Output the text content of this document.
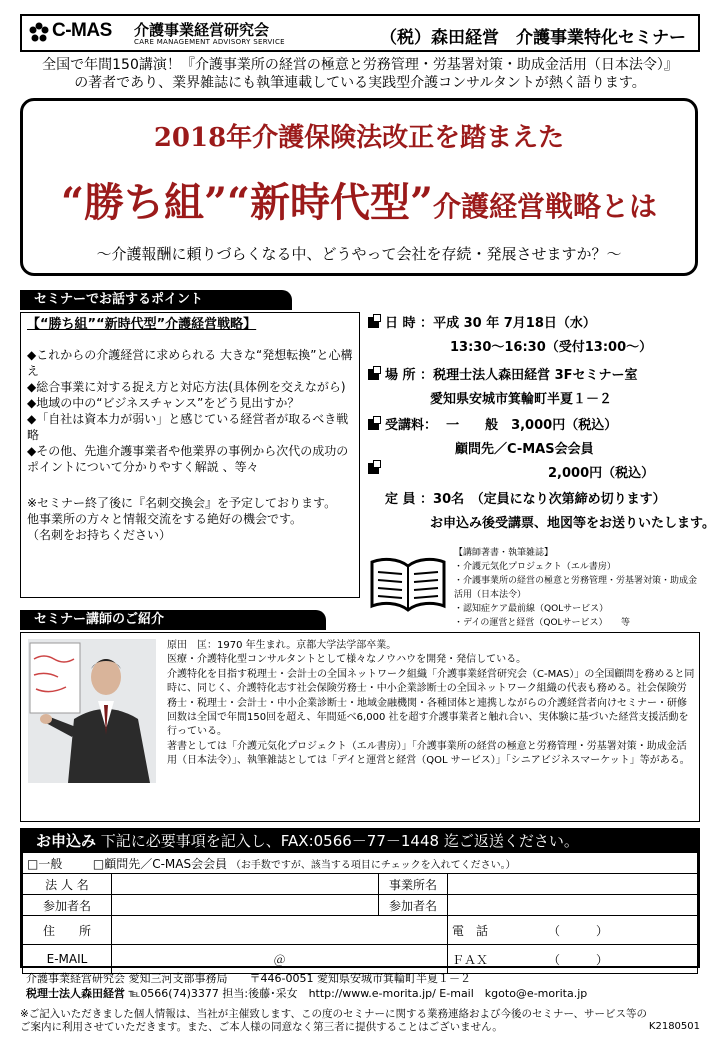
C-MAS 介護事業経営研究会
CARE MANAGEMENT ADVISORY SERVICE	（税）森田経営　介護事業特化セミナー
全国で年間150講演！『介護事業所の経営の極意と労務管理・労基署対策・助成金活用（日本法令）』
の著者であり、業界雑誌にも執筆連載している実践型介護コンサルタントが熱く語ります。
2018年介護保険法改正を踏まえた
“勝ち組”“新時代型”介護経営戦略とは
～介護報酬に頼りづらくなる中、どうやって会社を存続・発展させますか？～
セミナーでお話するポイント

【“勝ち組”“新時代型”介護経営戦略】

◆これからの介護経営に求められる 大きな“発想転換”と心構え

◆総合事業に対する捉え方と対応方法(具体例を交えながら)

◆地域の中の“ビジネスチャンス”をどう見出すか？

◆「自社は資本力が弱い」と感じている経営者が取るべき戦略

◆その他、先進介護事業者や他業界の事例から次代の成功のポイントについて分かりやすく解説 、等々

※セミナー終了後に『名刺交換会』を予定しております。

他事業所の方々と情報交流をする絶好の機会です。

（名刺をお持ちください）

日 時 ：平成 30 年 7月18日（水）
13:30～16:30（受付13:00～）
場 所 ：税理士法人森田経営 3Fセミナー室
愛知県安城市箕輪町半夏１－２
受講料： 一　　般　3,000円（税込）
顧問先／C-MAS会会員
2,000円（税込）
定 員 ：30名　（定員になり次第締め切ります）
お申込み後受講票、地図等をお送りいたします。
【講師著書・執筆雑誌】
・介護元気化プロジェクト（エル書房）
・介護事業所の経営の極意と労務管理・労基署対策・助成金活用（日本法令）
・認知症ケア最前線（QOLサービス）
・デイの運営と経営（QOLサービス）　　等
セミナー講師のご紹介
原田　匡：1970 年生まれ。京都大学法学部卒業。
医療・介護特化型コンサルタントとして様々なノウハウを開発・発信している。
介護特化を目指す税理士・会計士の全国ネットワーク組織「介護事業経営研究会（C-MAS）」の全国顧問を務めると同時に、同じく、介護特化志す社会保険労務士・中小企業診断士の全国ネットワーク組織の代表も務める。社会保険労務士・税理士・会計士・中小企業診断士・地域金融機関・各種団体と連携しながらの介護経営者向けセミナー・研修回数は全国で年間150回を超え、年間延べ6,000 社を超す介護事業者と触れ合い、実体験に基づいた経営支援活動を行っている。
著書としては「介護元気化プロジェクト（エル書房）」「介護事業所の経営の極意と労務管理・労基署対策・助成金活用（日本法令）」、執筆雑誌としては「デイと運営と経営（QOL サービス）」「シニアビジネスマーケット」等がある。
お申込み 下記に必要事項を記入し、FAX:0566－77－1448 迄ご返送ください。
□一般 □顧問先／C-MAS会会員 （お手数ですが、該当する項目にチェックを入れてください。）			
法 人 名		事業所名	
参加者名		参加者名	
住　　所			電　話 （　　　）
E-MAIL	＠		ＦＡＸ （　　　）
介護事業経営研究会 愛知三河支部事務局　　〒446-0051 愛知県安城市箕輪町半夏１－２
税理士法人森田経営 ℡0566(74)3377 担当:後藤･采女　http://www.e-morita.jp/ E-mail　kgoto@e-morita.jp
※ご記入いただきました個人情報は、当社が主催致します、この度のセミナーに関する業務連絡および今後のセミナー、サービス等の
ご案内に利用させていただきます。また、ご本人様の同意なく第三者に提供することはございません。	K2180501
